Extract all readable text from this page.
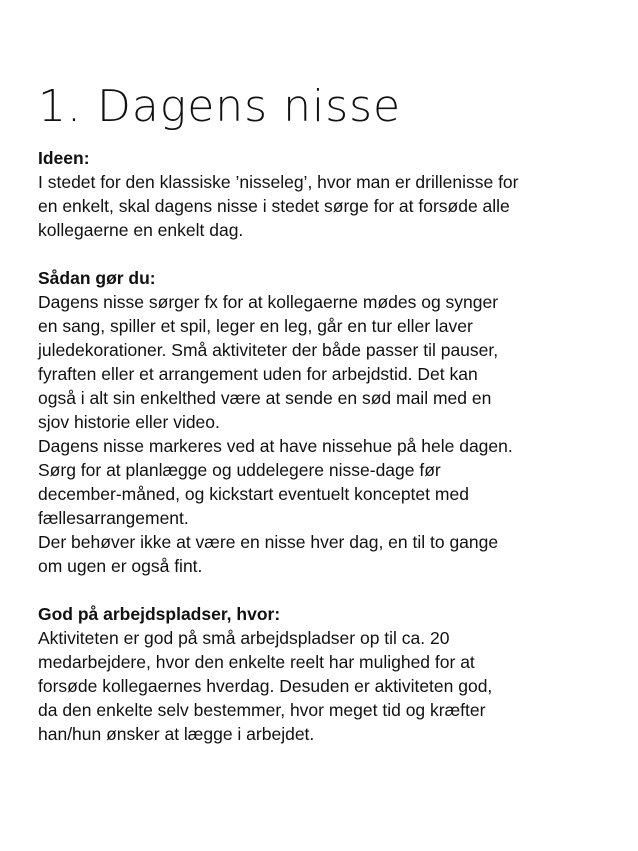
1. Dagens nisse
Ideen:

I stedet for den klassiske ’nisseleg’, hvor man er drillenisse for
en enkelt, skal dagens nisse i stedet sørge for at forsøde alle
kollegaerne en enkelt dag.

Sådan gør du:

Dagens nisse sørger fx for at kollegaerne mødes og synger
en sang, spiller et spil, leger en leg, går en tur eller laver
juledekorationer. Små aktiviteter der både passer til pauser,
fyraften eller et arrangement uden for arbejdstid. Det kan
også i alt sin enkelthed være at sende en sød mail med en
sjov historie eller video.

Dagens nisse markeres ved at have nissehue på hele dagen.
Sørg for at planlægge og uddelegere nisse-dage før
december-måned, og kickstart eventuelt konceptet med
fællesarrangement.

Der behøver ikke at være en nisse hver dag, en til to gange
om ugen er også fint.

God på arbejdspladser, hvor:

Aktiviteten er god på små arbejdspladser op til ca. 20
medarbejdere, hvor den enkelte reelt har mulighed for at
forsøde kollegaernes hverdag. Desuden er aktiviteten god,
da den enkelte selv bestemmer, hvor meget tid og kræfter
han/hun ønsker at lægge i arbejdet.
